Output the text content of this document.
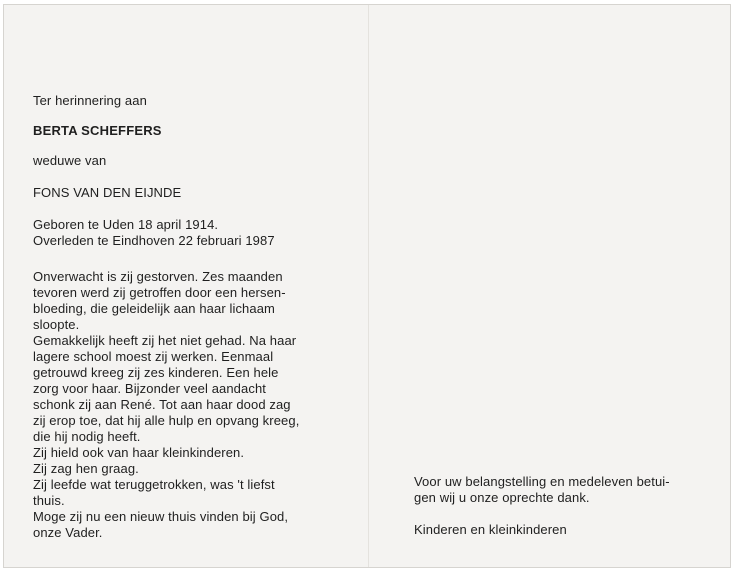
Ter herinnering aan
BERTA SCHEFFERS
weduwe van
FONS VAN DEN EIJNDE
Geboren te Uden 18 april 1914.
Overleden te Eindhoven 22 februari 1987
Onverwacht is zij gestorven. Zes maanden
tevoren werd zij getroffen door een hersen-
bloeding, die geleidelijk aan haar lichaam
sloopte.
Gemakkelijk heeft zij het niet gehad. Na haar
lagere school moest zij werken. Eenmaal
getrouwd kreeg zij zes kinderen. Een hele
zorg voor haar. Bijzonder veel aandacht
schonk zij aan René. Tot aan haar dood zag
zij erop toe, dat hij alle hulp en opvang kreeg,
die hij nodig heeft.
Zij hield ook van haar kleinkinderen.
Zij zag hen graag.
Zij leefde wat teruggetrokken, was 't liefst
thuis.
Moge zij nu een nieuw thuis vinden bij God,
onze Vader.
Voor uw belangstelling en medeleven betui-
gen wij u onze oprechte dank.
Kinderen en kleinkinderen
